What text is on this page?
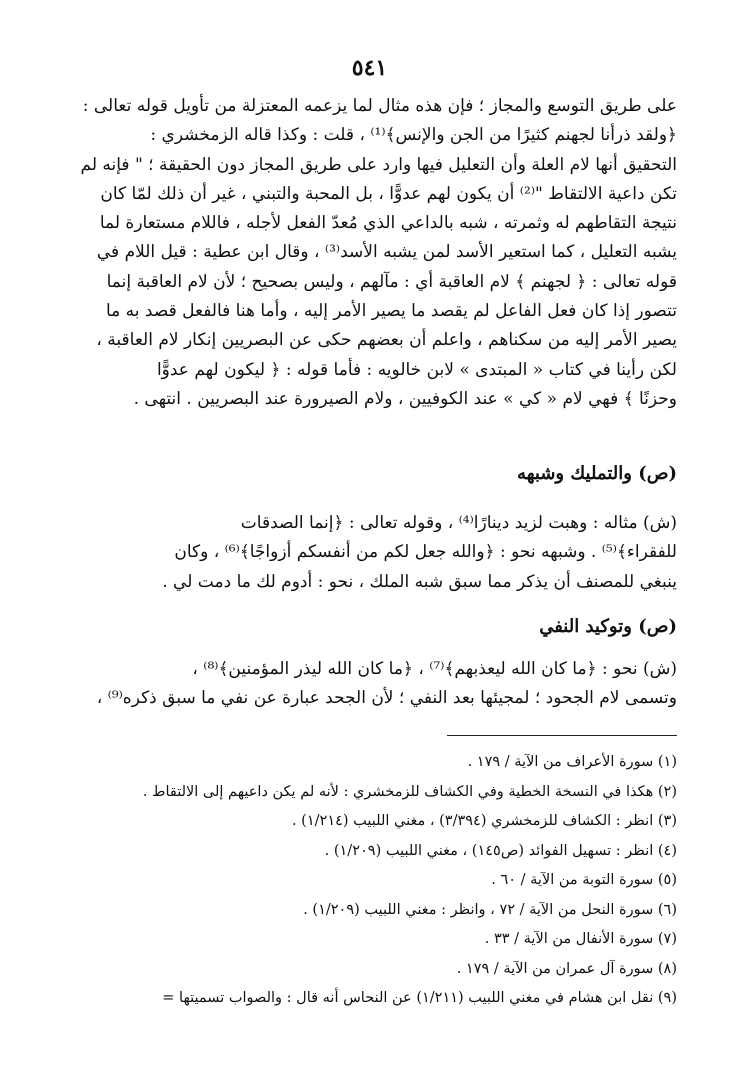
٥٤١
على طريق التوسع والمجاز ؛ فإن هذه مثال لما يزعمه المعتزلة من تأويل قوله تعالى :
﴿ولقد ذرأنا لجهنم كثيرًا من الجن والإنس﴾⁽¹⁾ ، قلت : وكذا قاله الزمخشري :
التحقيق أنها لام العلة وأن التعليل فيها وارد على طريق المجاز دون الحقيقة ؛ " فإنه لم
تكن داعية الالتقاط "⁽²⁾ أن يكون لهم عدوًّا ، بل المحبة والتبني ، غير أن ذلك لمّا كان
نتيجة التقاطهم له وثمرته ، شبه بالداعي الذي مُعدّ الفعل لأجله ، فاللام مستعارة لما
يشبه التعليل ، كما استعير الأسد لمن يشبه الأسد⁽³⁾ ، وقال ابن عطية : قيل اللام في
قوله تعالى : ﴿ لجهنم ﴾ لام العاقبة أي : مآلهم ، وليس بصحيح ؛ لأن لام العاقبة إنما
تتصور إذا كان فعل الفاعل لم يقصد ما يصير الأمر إليه ، وأما هنا فالفعل قصد به ما
يصير الأمر إليه من سكناهم ، واعلم أن بعضهم حكى عن البصريين إنكار لام العاقبة ،
لكن رأينا في كتاب « المبتدى » لابن خالويه : فأما قوله : ﴿ ليكون لهم عدوًّا
وحزنًا ﴾ فهي لام « كي » عند الكوفيين ، ولام الصيرورة عند البصريين . انتهى .
(ص) والتمليك وشبهه
(ش) مثاله : وهبت لزيد دينارًا⁽⁴⁾ ، وقوله تعالى : ﴿إنما الصدقات
للفقراء﴾⁽⁵⁾ . وشبهه نحو : ﴿والله جعل لكم من أنفسكم أزواجًا﴾⁽⁶⁾ ، وكان
ينبغي للمصنف أن يذكر مما سبق شبه الملك ، نحو : أدوم لك ما دمت لي .
(ص) وتوكيد النفي
(ش) نحو : ﴿ما كان الله ليعذبهم﴾⁽⁷⁾ ، ﴿ما كان الله ليذر المؤمنين﴾⁽⁸⁾ ،
وتسمى لام الجحود ؛ لمجيئها بعد النفي ؛ لأن الجحد عبارة عن نفي ما سبق ذكره⁽⁹⁾ ،
(١) سورة الأعراف من الآية / ١٧٩ .
(٢) هكذا في النسخة الخطية وفي الكشاف للزمخشري : لأنه لم يكن داعيهم إلى الالتقاط .
(٣) انظر : الكشاف للزمخشري (٣/٣٩٤) ، مغني اللبيب (١/٢١٤) .
(٤) انظر : تسهيل الفوائد (ص١٤٥) ، مغني اللبيب (١/٢٠٩) .
(٥) سورة التوبة من الآية / ٦٠ .
(٦) سورة النحل من الآية / ٧٢ ، وانظر : مغني اللبيب (١/٢٠٩) .
(٧) سورة الأنفال من الآية / ٣٣ .
(٨) سورة آل عمران من الآية / ١٧٩ .
(٩) نقل ابن هشام في مغني اللبيب (١/٢١١) عن النحاس أنه قال : والصواب تسميتها =
